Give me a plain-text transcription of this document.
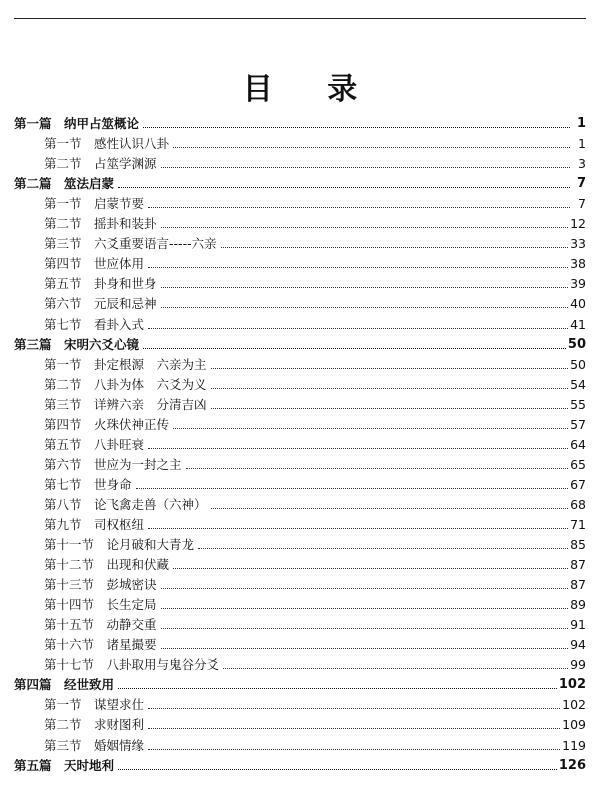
目 录
第一篇　 纳甲占筮概论	1
第一节　 感性认识八卦	1
第二节　 占筮学渊源	3
第二篇　 筮法启蒙	7
第一节　 启蒙节要	7
第二节　 摇卦和装卦	12
第三节　 六爻重要语言-----六亲	33
第四节　 世应体用	38
第五节　 卦身和世身	39
第六节　 元辰和忌神	40
第七节　 看卦入式	41
第三篇　 宋明六爻心镜	50
第一节　 卦定根源　六亲为主	50
第二节　 八卦为体　六爻为义	54
第三节　 详辨六亲　分清吉凶	55
第四节　 火珠伏神正传	57
第五节　 八卦旺衰	64
第六节　 世应为一封之主	65
第七节　 世身命	67
第八节　 论飞禽走兽（六神）	68
第九节　 司权枢纽	71
第十一节　 论月破和大青龙	85
第十二节　 出现和伏藏	87
第十三节　 彭城密诀	87
第十四节　 长生定局	89
第十五节　 动静交重	91
第十六节　 诸星撮要	94
第十七节　 八卦取用与鬼谷分爻	99
第四篇　 经世致用	102
第一节　 谋望求仕	102
第二节　 求财图利	109
第三节　 婚姻情缘	119
第五篇　 天时地利	126
